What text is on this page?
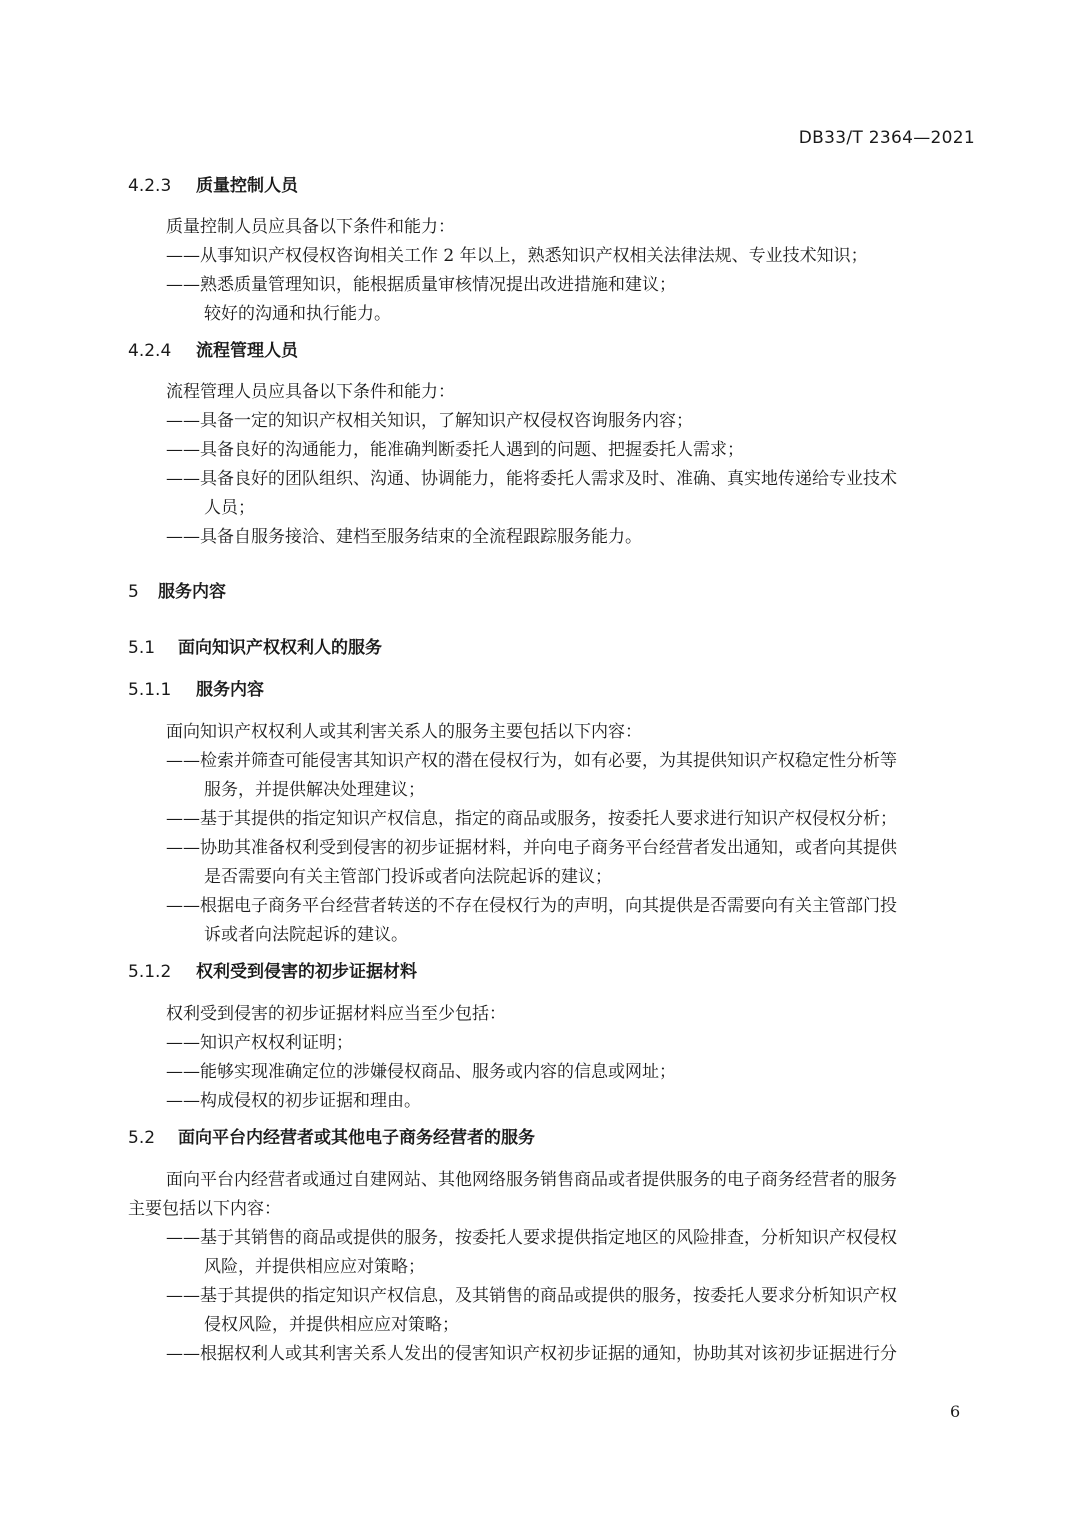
DB33/T 2364—2021

4.2.3 质量控制人员

质量控制人员应具备以下条件和能力：

——从事知识产权侵权咨询相关工作 2 年以上，熟悉知识产权相关法律法规、专业技术知识；

——熟悉质量管理知识，能根据质量审核情况提出改进措施和建议；

较好的沟通和执行能力。

4.2.4 流程管理人员

流程管理人员应具备以下条件和能力：

——具备一定的知识产权相关知识，了解知识产权侵权咨询服务内容；

——具备良好的沟通能力，能准确判断委托人遇到的问题、把握委托人需求；

——具备良好的团队组织、沟通、协调能力，能将委托人需求及时、准确、真实地传递给专业技术

人员；

——具备自服务接洽、建档至服务结束的全流程跟踪服务能力。

5 服务内容

5.1 面向知识产权权利人的服务

5.1.1 服务内容

面向知识产权权利人或其利害关系人的服务主要包括以下内容：

——检索并筛查可能侵害其知识产权的潜在侵权行为，如有必要，为其提供知识产权稳定性分析等

服务，并提供解决处理建议；

——基于其提供的指定知识产权信息，指定的商品或服务，按委托人要求进行知识产权侵权分析；

——协助其准备权利受到侵害的初步证据材料，并向电子商务平台经营者发出通知，或者向其提供

是否需要向有关主管部门投诉或者向法院起诉的建议；

——根据电子商务平台经营者转送的不存在侵权行为的声明，向其提供是否需要向有关主管部门投

诉或者向法院起诉的建议。

5.1.2 权利受到侵害的初步证据材料

权利受到侵害的初步证据材料应当至少包括：

——知识产权权利证明；

——能够实现准确定位的涉嫌侵权商品、服务或内容的信息或网址；

——构成侵权的初步证据和理由。

5.2 面向平台内经营者或其他电子商务经营者的服务

面向平台内经营者或通过自建网站、其他网络服务销售商品或者提供服务的电子商务经营者的服务

主要包括以下内容：

——基于其销售的商品或提供的服务，按委托人要求提供指定地区的风险排查，分析知识产权侵权

风险，并提供相应应对策略；

——基于其提供的指定知识产权信息，及其销售的商品或提供的服务，按委托人要求分析知识产权

侵权风险，并提供相应应对策略；

——根据权利人或其利害关系人发出的侵害知识产权初步证据的通知，协助其对该初步证据进行分

6
